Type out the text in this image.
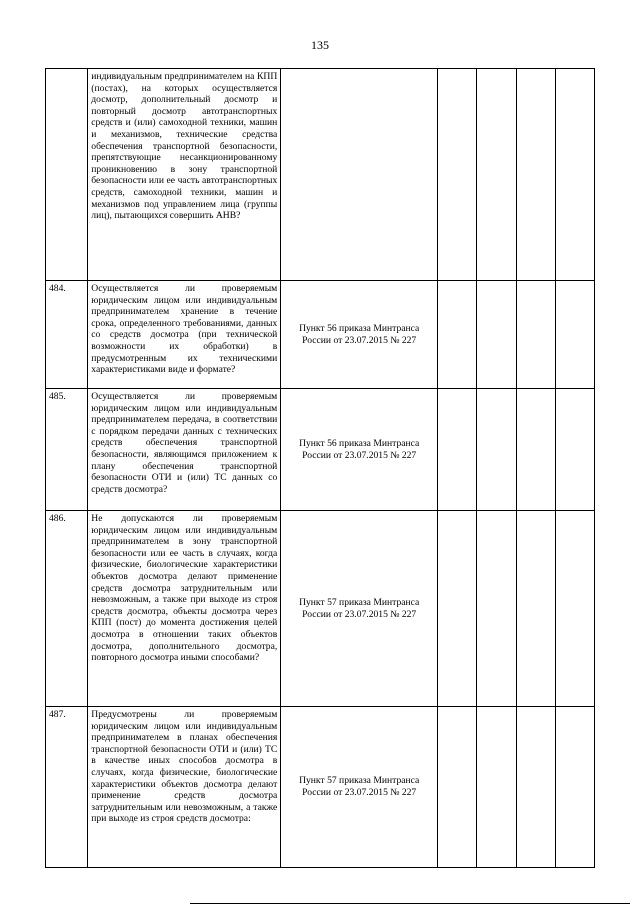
135
	индивидуальным предпринимателем на КПП (постах), на которых осуществляется досмотр, дополнительный досмотр и повторный досмотр автотранспортных средств и (или) самоходной техники, машин и механизмов, технические средства обеспечения транспортной безопасности, препятствующие несанкционированному проникновению в зону транспортной безопасности или ее часть автотранспортных средств, самоходной техники, машин и механизмов под управлением лица (группы лиц), пытающихся совершить АНВ?					
484.	Осуществляется ли проверяемым юридическим лицом или индивидуальным предпринимателем хранение в течение срока, определенного требованиями, данных со средств досмотра (при технической возможности их обработки) в предусмотренным их техническими характеристиками виде и формате?	Пункт 56 приказа Минтранса России от 23.07.2015 № 227				
485.	Осуществляется ли проверяемым юридическим лицом или индивидуальным предпринимателем передача, в соответствии с порядком передачи данных с технических средств обеспечения транспортной безопасности, являющимся приложением к плану обеспечения транспортной безопасности ОТИ и (или) ТС данных со средств досмотра?	Пункт 56 приказа Минтранса России от 23.07.2015 № 227				
486.	Не допускаются ли проверяемым юридическим лицом или индивидуальным предпринимателем в зону транспортной безопасности или ее часть в случаях, когда физические, биологические характеристики объектов досмотра делают применение средств досмотра затруднительным или невозможным, а также при выходе из строя средств досмотра, объекты досмотра через КПП (пост) до момента достижения целей досмотра в отношении таких объектов досмотра, дополнительного досмотра, повторного досмотра иными способами?	Пункт 57 приказа Минтранса России от 23.07.2015 № 227				
487.	Предусмотрены ли проверяемым юридическим лицом или индивидуальным предпринимателем в планах обеспечения транспортной безопасности ОТИ и (или) ТС в качестве иных способов досмотра в случаях, когда физические, биологические характеристики объектов досмотра делают применение средств досмотра затруднительным или невозможным, а также при выходе из строя средств досмотра:	Пункт 57 приказа Минтранса России от 23.07.2015 № 227				
